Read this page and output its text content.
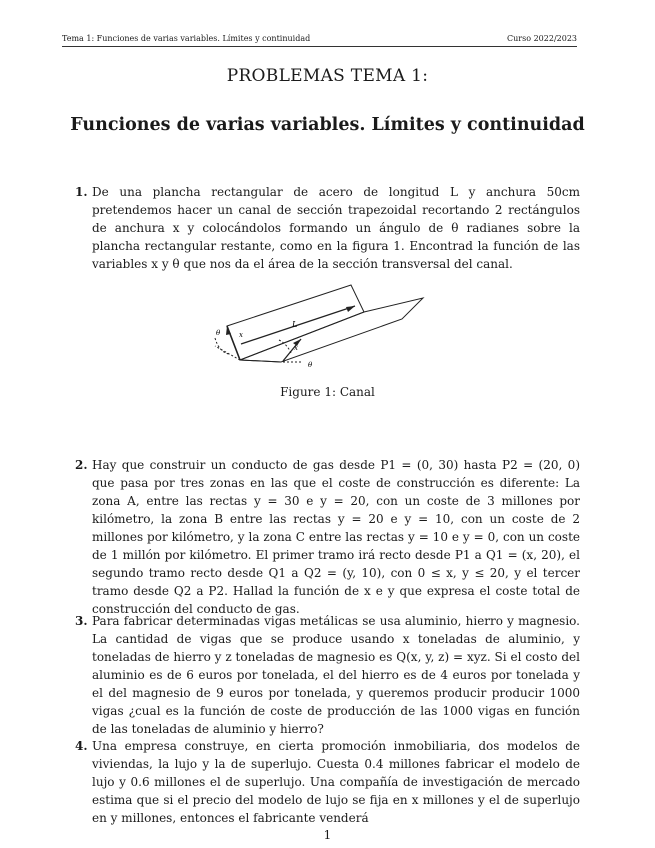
Tema 1: Funciones de varias variables. Límites y continuidad	Curso 2022/2023
PROBLEMAS TEMA 1:
Funciones de varias variables. Límites y continuidad
1. De una plancha rectangular de acero de longitud L y anchura 50cm pretendemos hacer un canal de sección trapezoidal recortando 2 rectángulos de anchura x y colocándolos formando un ángulo de θ radianes sobre la plancha rectangular restante, como en la figura 1. Encontrad la función de las variables x y θ que nos da el área de la sección transversal del canal.
L
x
θ
x
θ
Figure 1: Canal
2. Hay que construir un conducto de gas desde P1 = (0, 30) hasta P2 = (20, 0) que pasa por tres zonas en las que el coste de construcción es diferente: La zona A, entre las rectas y = 30 e y = 20, con un coste de 3 millones por kilómetro, la zona B entre las rectas y = 20 e y = 10, con un coste de 2 millones por kilómetro, y la zona C entre las rectas y = 10 e y = 0, con un coste de 1 millón por kilómetro. El primer tramo irá recto desde P1 a Q1 = (x, 20), el segundo tramo recto desde Q1 a Q2 = (y, 10), con 0 ≤ x, y ≤ 20, y el tercer tramo desde Q2 a P2. Hallad la función de x e y que expresa el coste total de construcción del conducto de gas.
3. Para fabricar determinadas vigas metálicas se usa aluminio, hierro y magnesio. La cantidad de vigas que se produce usando x toneladas de aluminio, y toneladas de hierro y z toneladas de magnesio es Q(x, y, z) = xyz. Si el costo del aluminio es de 6 euros por tonelada, el del hierro es de 4 euros por tonelada y el del magnesio de 9 euros por tonelada, y queremos producir producir 1000 vigas ¿cual es la función de coste de producción de las 1000 vigas en función de las toneladas de aluminio y hierro?
4. Una empresa construye, en cierta promoción inmobiliaria, dos modelos de viviendas, la lujo y la de superlujo. Cuesta 0.4 millones fabricar el modelo de lujo y 0.6 millones el de superlujo. Una compañía de investigación de mercado estima que si el precio del modelo de lujo se fija en x millones y el de superlujo en y millones, entonces el fabricante venderá
1
